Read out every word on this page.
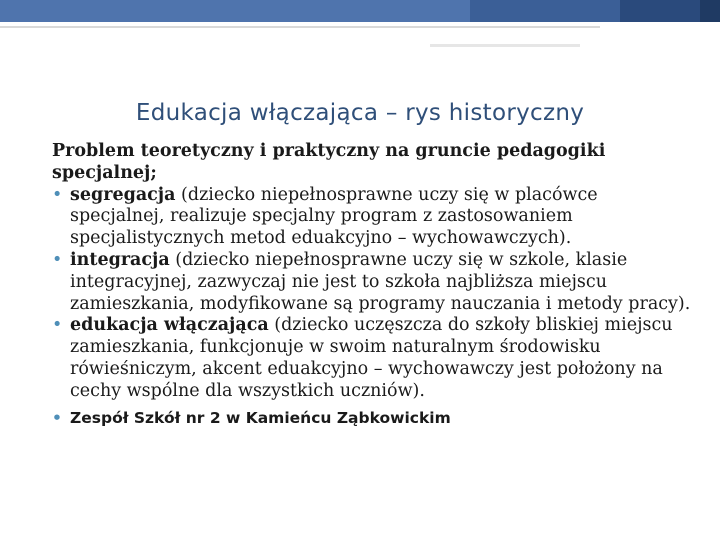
Edukacja włączająca – rys historyczny
Problem teoretyczny i praktyczny na gruncie pedagogiki specjalnej;
• segregacja (dziecko niepełnosprawne uczy się w placówce specjalnej, realizuje specjalny program z zastosowaniem specjalistycznych metod eduakcyjno – wychowawczych).
• integracja (dziecko niepełnosprawne uczy się w szkole, klasie integracyjnej, zazwyczaj nie jest to szkoła najbliższa miejscu zamieszkania, modyfikowane są programy nauczania i metody pracy).
• edukacja włączająca (dziecko uczęszcza do szkoły bliskiej miejscu zamieszkania, funkcjonuje w swoim naturalnym środowisku rówieśniczym, akcent eduakcyjno – wychowawczy jest położony na cechy wspólne dla wszystkich uczniów).
• Zespół Szkół nr 2 w Kamieńcu Ząbkowickim
